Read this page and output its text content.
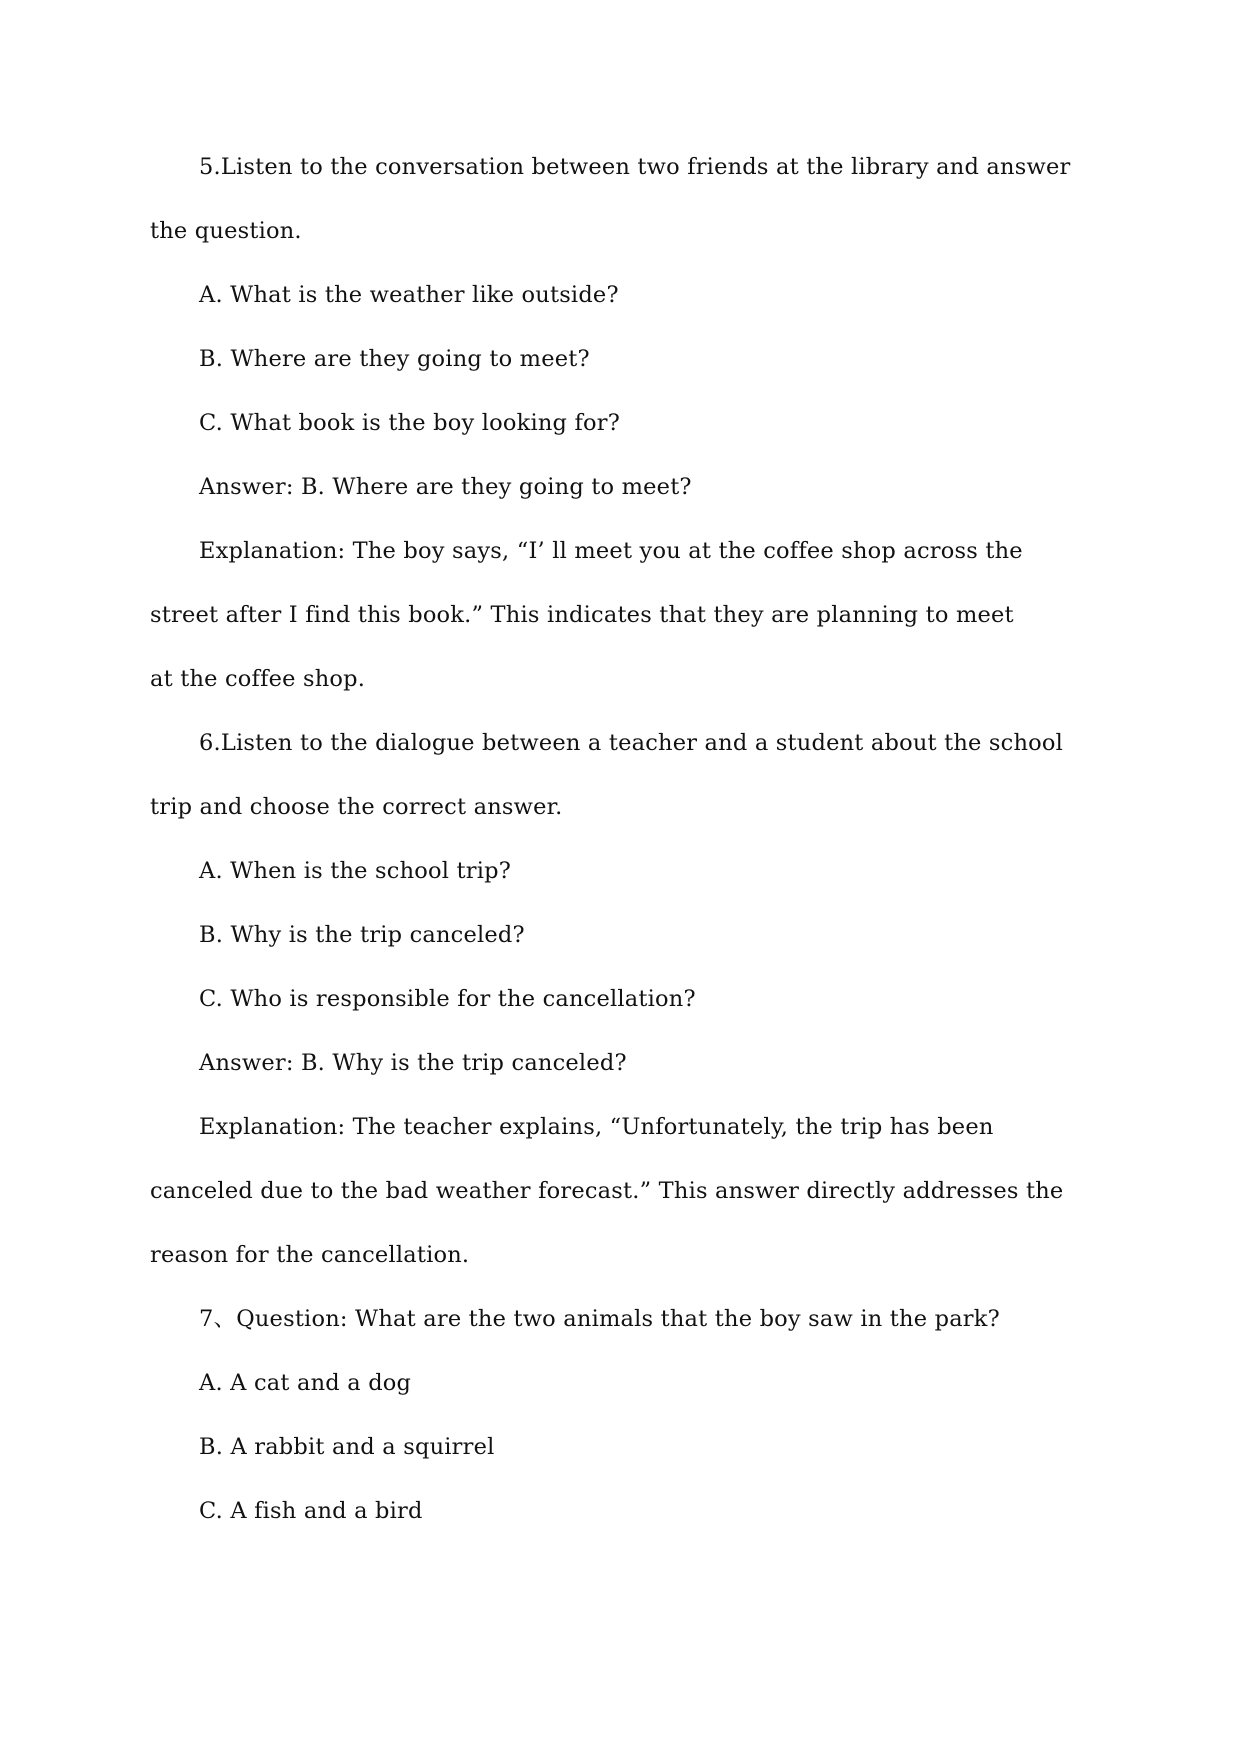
5.Listen to the conversation between two friends at the library and answer
the question.
A. What is the weather like outside?
B. Where are they going to meet?
C. What book is the boy looking for?
Answer: B. Where are they going to meet?
Explanation: The boy says, “I’ ll meet you at the coffee shop across the
street after I find this book.” This indicates that they are planning to meet
at the coffee shop.
6.Listen to the dialogue between a teacher and a student about the school
trip and choose the correct answer.
A. When is the school trip?
B. Why is the trip canceled?
C. Who is responsible for the cancellation?
Answer: B. Why is the trip canceled?
Explanation: The teacher explains, “Unfortunately, the trip has been
canceled due to the bad weather forecast.” This answer directly addresses the
reason for the cancellation.
7、Question: What are the two animals that the boy saw in the park?
A. A cat and a dog
B. A rabbit and a squirrel
C. A fish and a bird
